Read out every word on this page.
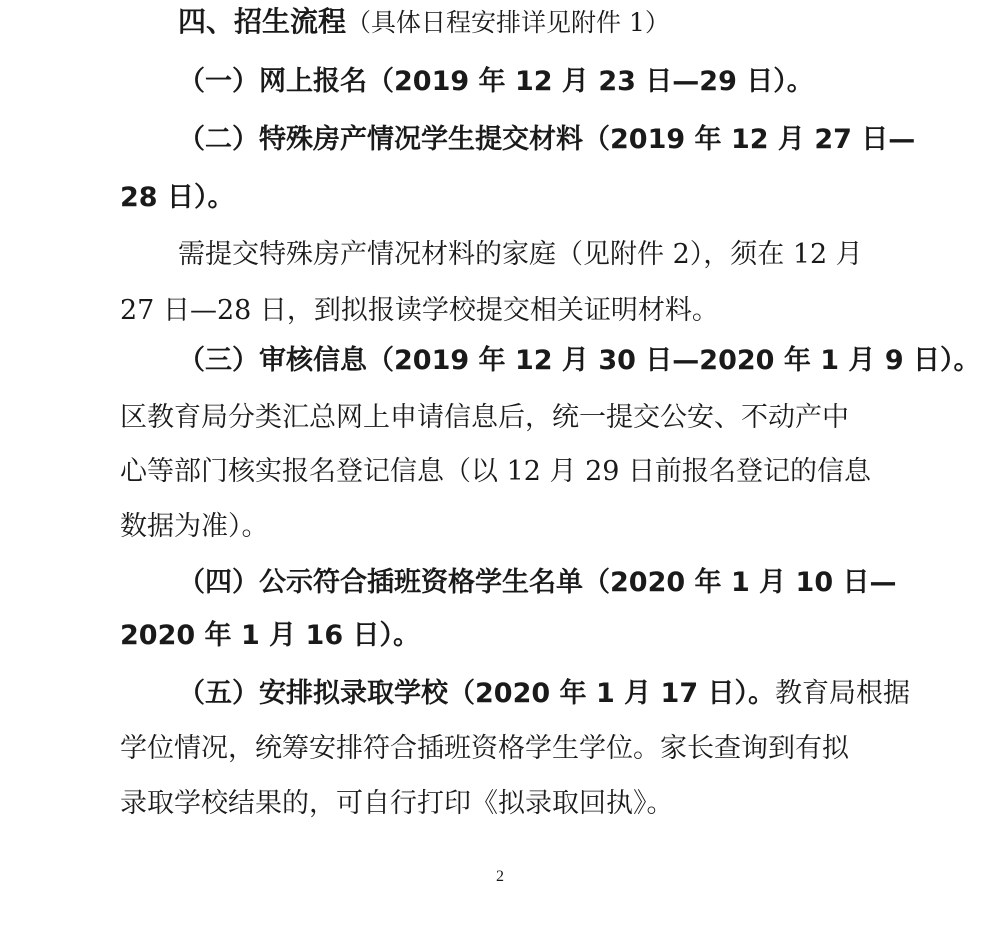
四、招生流程（具体日程安排详见附件 1）
（一）网上报名（2019 年 12 月 23 日—29 日）。
（二）特殊房产情况学生提交材料（2019 年 12 月 27 日—
28 日）。
需提交特殊房产情况材料的家庭（见附件 2），须在 12 月
27 日—28 日，到拟报读学校提交相关证明材料。
（三）审核信息（2019 年 12 月 30 日—2020 年 1 月 9 日）。
区教育局分类汇总网上申请信息后，统一提交公安、不动产中
心等部门核实报名登记信息（以 12 月 29 日前报名登记的信息
数据为准）。
（四）公示符合插班资格学生名单（2020 年 1 月 10 日—
2020 年 1 月 16 日）。
（五）安排拟录取学校（2020 年 1 月 17 日）。教育局根据
学位情况，统筹安排符合插班资格学生学位。家长查询到有拟
录取学校结果的，可自行打印《拟录取回执》。
2
